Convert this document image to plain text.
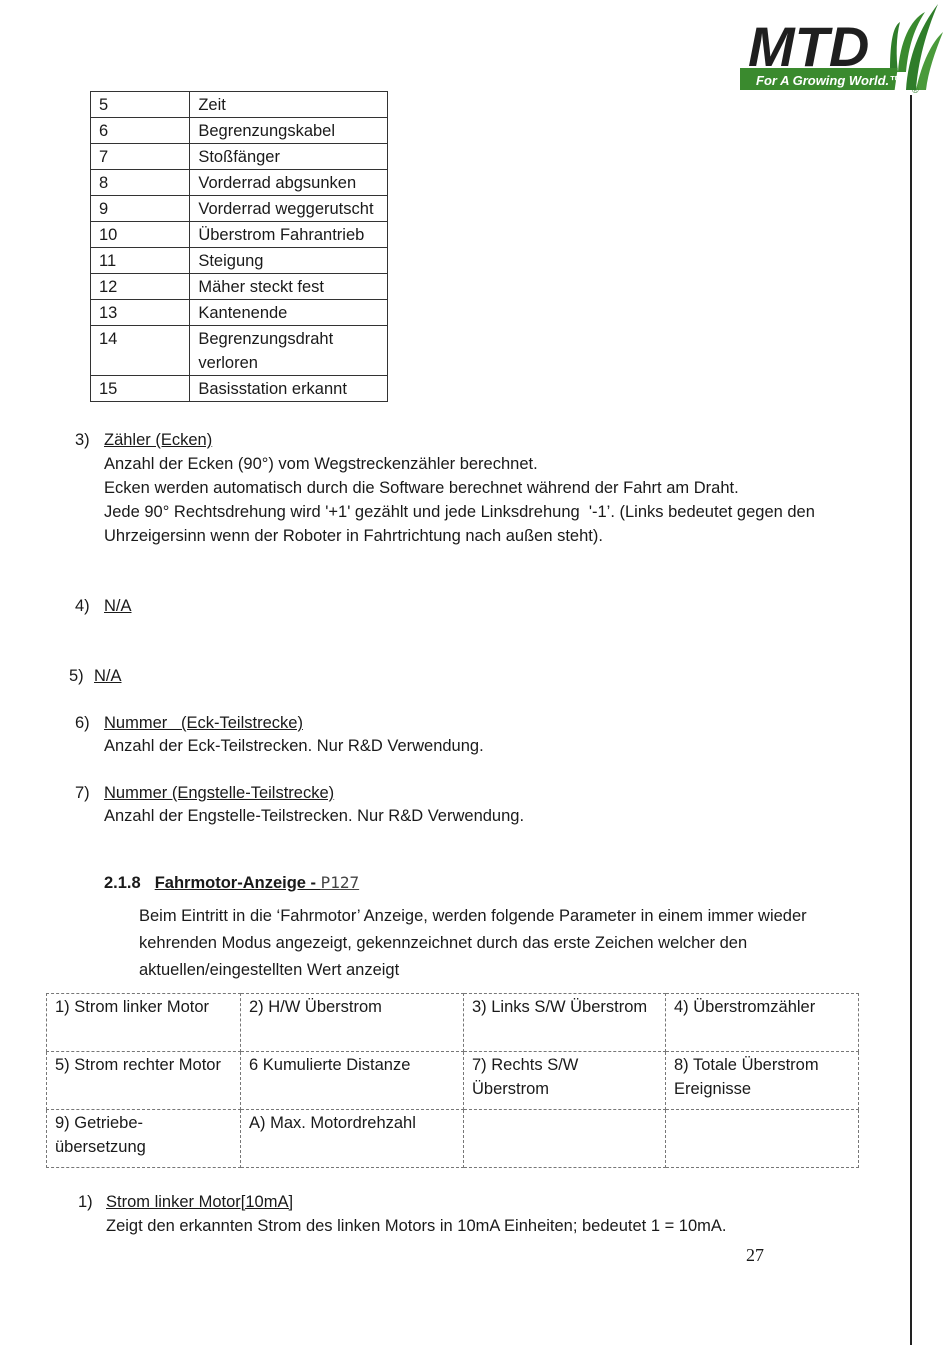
MTD
For A Growing World.™
®
5	Zeit
6	Begrenzungskabel
7	Stoßfänger
8	Vorderrad abgsunken
9	Vorderrad weggerutscht
10	Überstrom Fahrantrieb
11	Steigung
12	Mäher steckt fest
13	Kantenende
14	Begrenzungsdraht verloren
15	Basisstation erkannt
3) Zähler (Ecken)
Anzahl der Ecken (90°) vom Wegstreckenzähler berechnet.
Ecken werden automatisch durch die Software berechnet während der Fahrt am Draht.
Jede 90° Rechtsdrehung wird '+1' gezählt und jede Linksdrehung  '-1’. (Links bedeutet gegen den
Uhrzeigersinn wenn der Roboter in Fahrtrichtung nach außen steht).
4) N/A
5) N/A
6) Nummer   (Eck-Teilstrecke)
Anzahl der Eck-Teilstrecken. Nur R&D Verwendung.
7) Nummer (Engstelle-Teilstrecke)
Anzahl der Engstelle-Teilstrecken. Nur R&D Verwendung.
2.1.8 Fahrmotor-Anzeige - P127
Beim Eintritt in die ‘Fahrmotor’ Anzeige, werden folgende Parameter in einem immer wieder
kehrenden Modus angezeigt, gekennzeichnet durch das erste Zeichen welcher den
aktuellen/eingestellten Wert anzeigt
1) Strom linker Motor	2) H/W Überstrom	3) Links S/W Überstrom	4) Überstromzähler
5) Strom rechter Motor	6 Kumulierte Distanze	7) Rechts S/W Überstrom	8) Totale Überstrom Ereignisse
9) Getriebe-übersetzung	A) Max. Motordrehzahl		
1) Strom linker Motor[10mA]
Zeigt den erkannten Strom des linken Motors in 10mA Einheiten; bedeutet 1 = 10mA.
27
